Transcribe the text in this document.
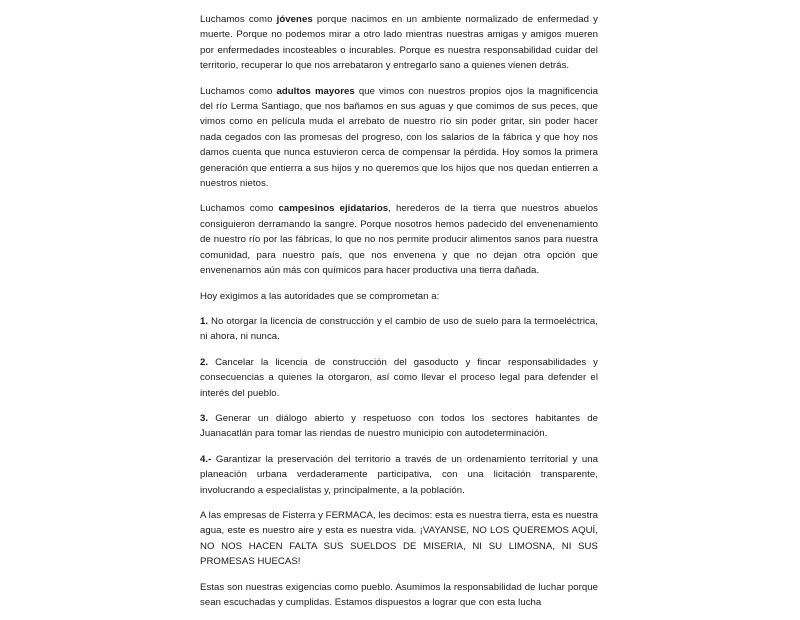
Luchamos como jóvenes porque nacimos en un ambiente normalizado de enfermedad y muerte. Porque no podemos mirar a otro lado mientras nuestras amigas y amigos mueren por enfermedades incosteables o incurables. Porque es nuestra responsabilidad cuidar del territorio, recuperar lo que nos arrebataron y entregarlo sano a quienes vienen detrás.

Luchamos como adultos mayores que vimos con nuestros propios ojos la magnificencia del río Lerma Santiago, que nos bañamos en sus aguas y que comimos de sus peces, que vimos como en película muda el arrebato de nuestro río sin poder gritar, sin poder hacer nada cegados con las promesas del progreso, con los salarios de la fábrica y que hoy nos damos cuenta que nunca estuvieron cerca de compensar la pérdida. Hoy somos la primera generación que entierra a sus hijos y no queremos que los hijos que nos quedan entierren a nuestros nietos.

Luchamos como campesinos ejidatarios, herederos de la tierra que nuestros abuelos consiguieron derramando la sangre. Porque nosotros hemos padecido del envenenamiento de nuestro río por las fábricas, lo que no nos permite producir alimentos sanos para nuestra comunidad, para nuestro país, que nos envenena y que no dejan otra opción que envenenarnos aún más con químicos para hacer productiva una tierra dañada.

Hoy exigimos a las autoridades que se comprometan a:

1. No otorgar la licencia de construcción y el cambio de uso de suelo para la termoeléctrica, ni ahora, ni nunca.

2. Cancelar la licencia de construcción del gasoducto y fincar responsabilidades y consecuencias a quienes la otorgaron, así como llevar el proceso legal para defender el interés del pueblo.

3. Generar un diálogo abierto y respetuoso con todos los sectores habitantes de Juanacatlán para tomar las riendas de nuestro municipio con autodeterminación.

4.- Garantizar la preservación del territorio a través de un ordenamiento territorial y una planeación urbana verdaderamente participativa, con una licitación transparente, involucrando a especialistas y, principalmente, a la población.

A las empresas de Fisterra y FERMACA, les decimos: esta es nuestra tierra, esta es nuestra agua, este es nuestro aire y esta es nuestra vida. ¡VAYANSE, NO LOS QUEREMOS AQUÍ, NO NOS HACEN FALTA SUS SUELDOS DE MISERIA, NI SU LIMOSNA, NI SUS PROMESAS HUECAS!

Estas son nuestras exigencias como pueblo. Asumimos la responsabilidad de luchar porque sean escuchadas y cumplidas. Estamos dispuestos a lograr que con esta lucha
